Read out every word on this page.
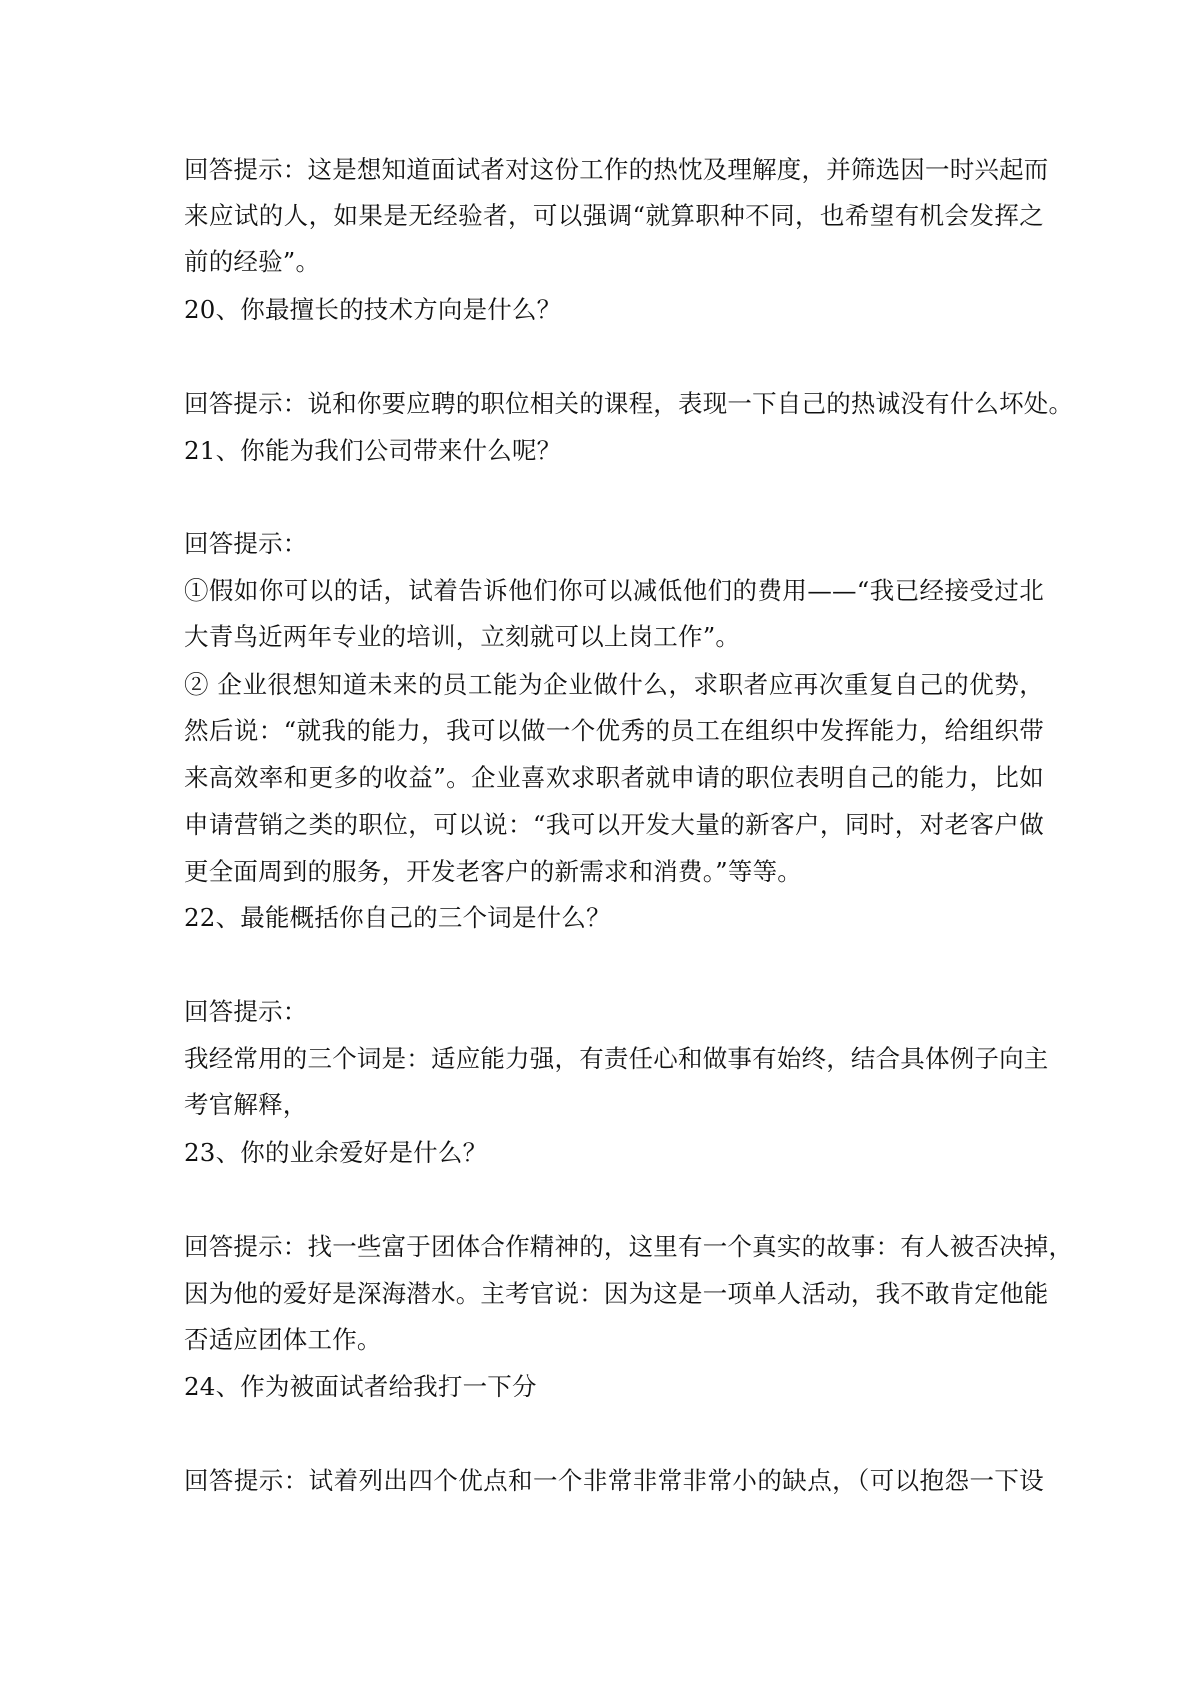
回答提示：这是想知道面试者对这份工作的热忱及理解度，并筛选因一时兴起而
来应试的人，如果是无经验者，可以强调“就算职种不同，也希望有机会发挥之
前的经验”。
20、你最擅长的技术方向是什么？
回答提示：说和你要应聘的职位相关的课程，表现一下自己的热诚没有什么坏处。
21、你能为我们公司带来什么呢？
回答提示：
①假如你可以的话，试着告诉他们你可以减低他们的费用——“我已经接受过北
大青鸟近两年专业的培训，立刻就可以上岗工作”。
② 企业很想知道未来的员工能为企业做什么，求职者应再次重复自己的优势，
然后说：“就我的能力，我可以做一个优秀的员工在组织中发挥能力，给组织带
来高效率和更多的收益”。企业喜欢求职者就申请的职位表明自己的能力，比如
申请营销之类的职位，可以说：“我可以开发大量的新客户，同时，对老客户做
更全面周到的服务，开发老客户的新需求和消费。”等等。
22、最能概括你自己的三个词是什么？
回答提示：
我经常用的三个词是：适应能力强，有责任心和做事有始终，结合具体例子向主
考官解释，
23、你的业余爱好是什么？
回答提示：找一些富于团体合作精神的，这里有一个真实的故事：有人被否决掉，
因为他的爱好是深海潜水。主考官说：因为这是一项单人活动，我不敢肯定他能
否适应团体工作。
24、作为被面试者给我打一下分
回答提示：试着列出四个优点和一个非常非常非常小的缺点，（可以抱怨一下设
